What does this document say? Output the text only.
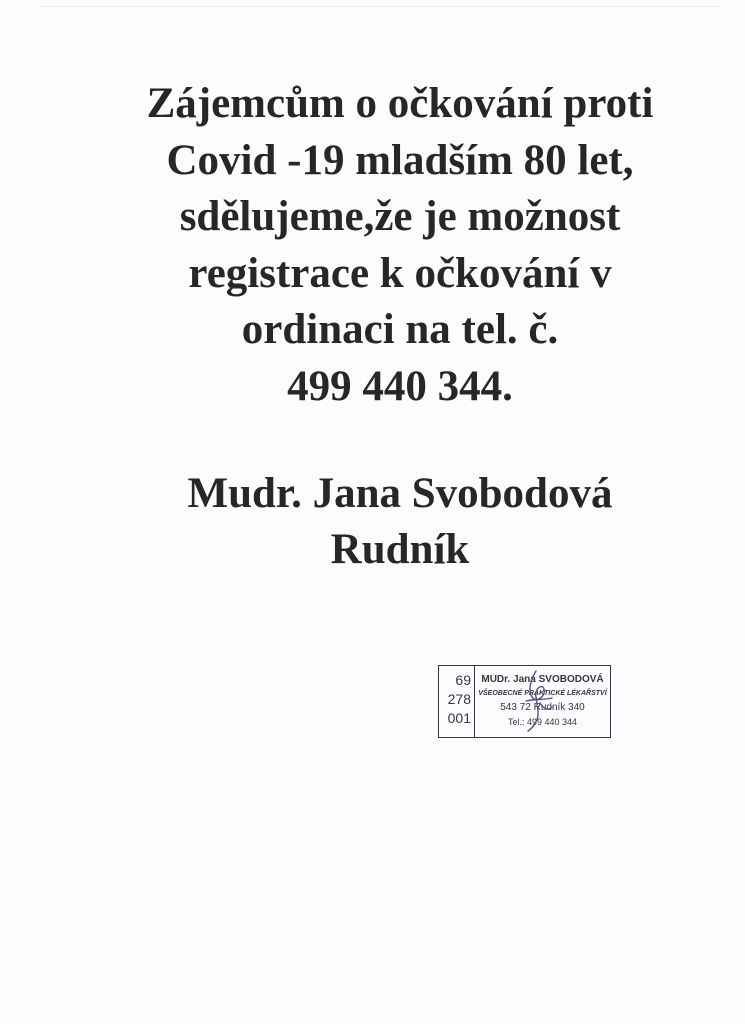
Zájemcům o očkování proti
Covid -19 mladším 80 let,
sdělujeme,že je možnost
registrace k očkování v
ordinaci na tel. č.
499 440 344.
Mudr. Jana Svobodová
Rudník
69
278
001
MUDr. Jana SVOBODOVÁ
VŠEOBECNÉ PRAKTICKÉ LÉKAŘSTVÍ
543 72 Rudník 340
Tel.: 499 440 344
